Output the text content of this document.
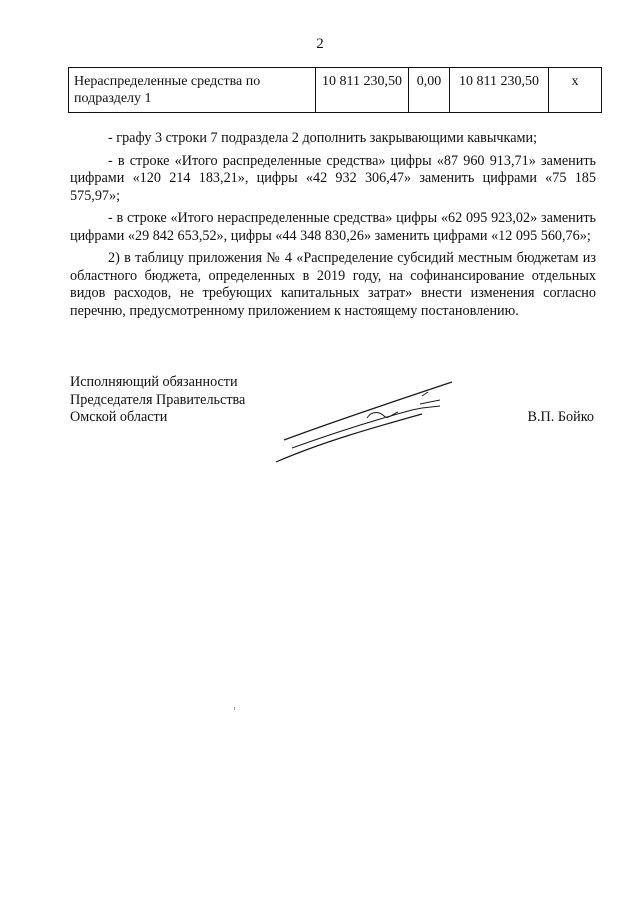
2
Нераспределенные средства по подразделу 1	10 811 230,50	0,00	10 811 230,50	x

- графу 3 строки 7 подраздела 2 дополнить закрывающими кавычками;

- в строке «Итого распределенные средства» цифры «87 960 913,71» заменить цифрами «120 214 183,21», цифры «42 932 306,47» заменить цифрами «75 185 575,97»;

- в строке «Итого нераспределенные средства» цифры «62 095 923,02» заменить цифрами «29 842 653,52», цифры «44 348 830,26» заменить цифрами «12 095 560,76»;

2) в таблицу приложения № 4 «Распределение субсидий местным бюджетам из областного бюджета, определенных в 2019 году, на софинансирование отдельных видов расходов, не требующих капитальных затрат» внести изменения согласно перечню, предусмотренному приложением к настоящему постановлению.

Исполняющий обязанности
Председателя Правительства
Омской области	В.П. Бойко
